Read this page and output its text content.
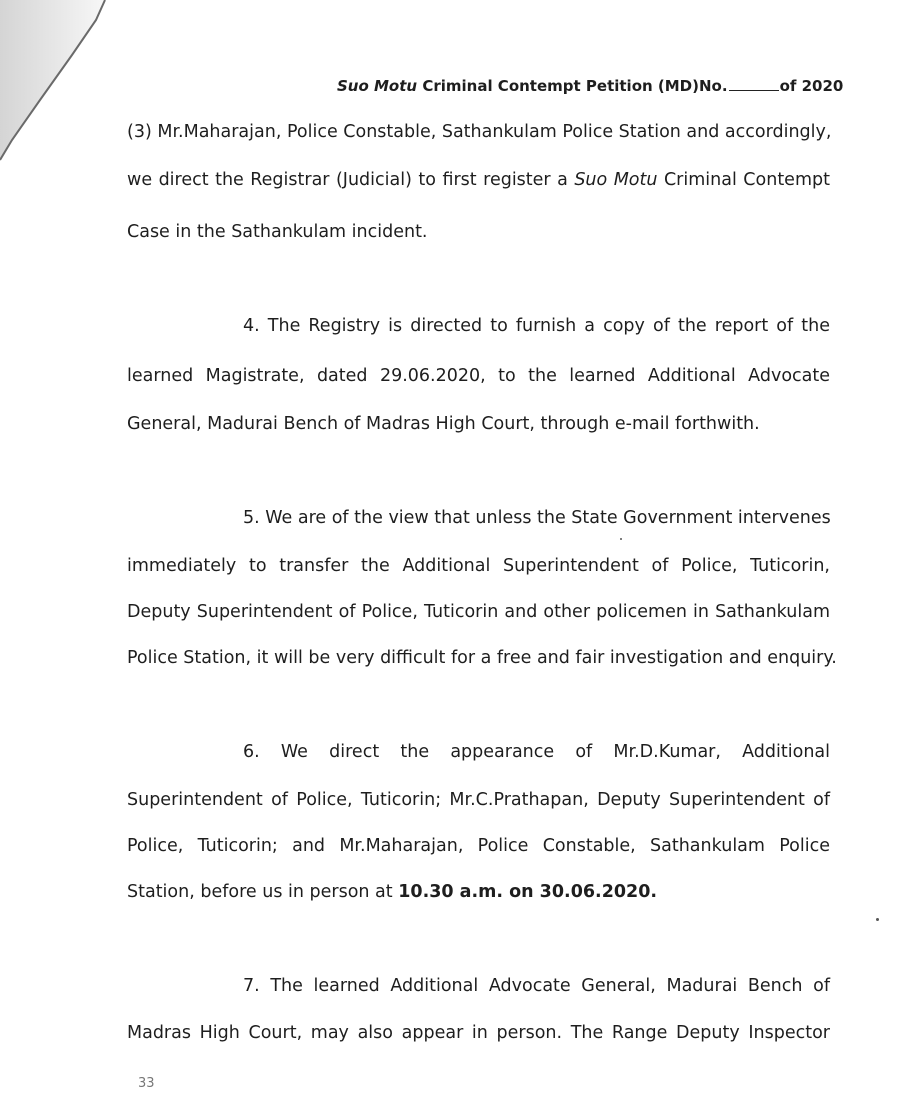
Suo Motu Criminal Contempt Petition (MD)No.	of 2020
(3) Mr.Maharajan, Police Constable, Sathankulam Police Station and accordingly,
we direct the Registrar (Judicial) to first register a Suo Motu Criminal Contempt
Case in the Sathankulam incident.
4. The Registry is directed to furnish a copy of the report of the
learned Magistrate, dated 29.06.2020, to the learned Additional Advocate
General, Madurai Bench of Madras High Court, through e-mail forthwith.
5. We are of the view that unless the State Government intervenes
immediately to transfer the Additional Superintendent of Police, Tuticorin,
Deputy Superintendent of Police, Tuticorin and other policemen in Sathankulam
Police Station, it will be very difficult for a free and fair investigation and enquiry.
6. We direct the appearance of Mr.D.Kumar, Additional
Superintendent of Police, Tuticorin; Mr.C.Prathapan, Deputy Superintendent of
Police, Tuticorin; and Mr.Maharajan, Police Constable, Sathankulam Police
Station, before us in person at 10.30 a.m. on 30.06.2020.
7. The learned Additional Advocate General, Madurai Bench of
Madras High Court, may also appear in person. The Range Deputy Inspector
33
